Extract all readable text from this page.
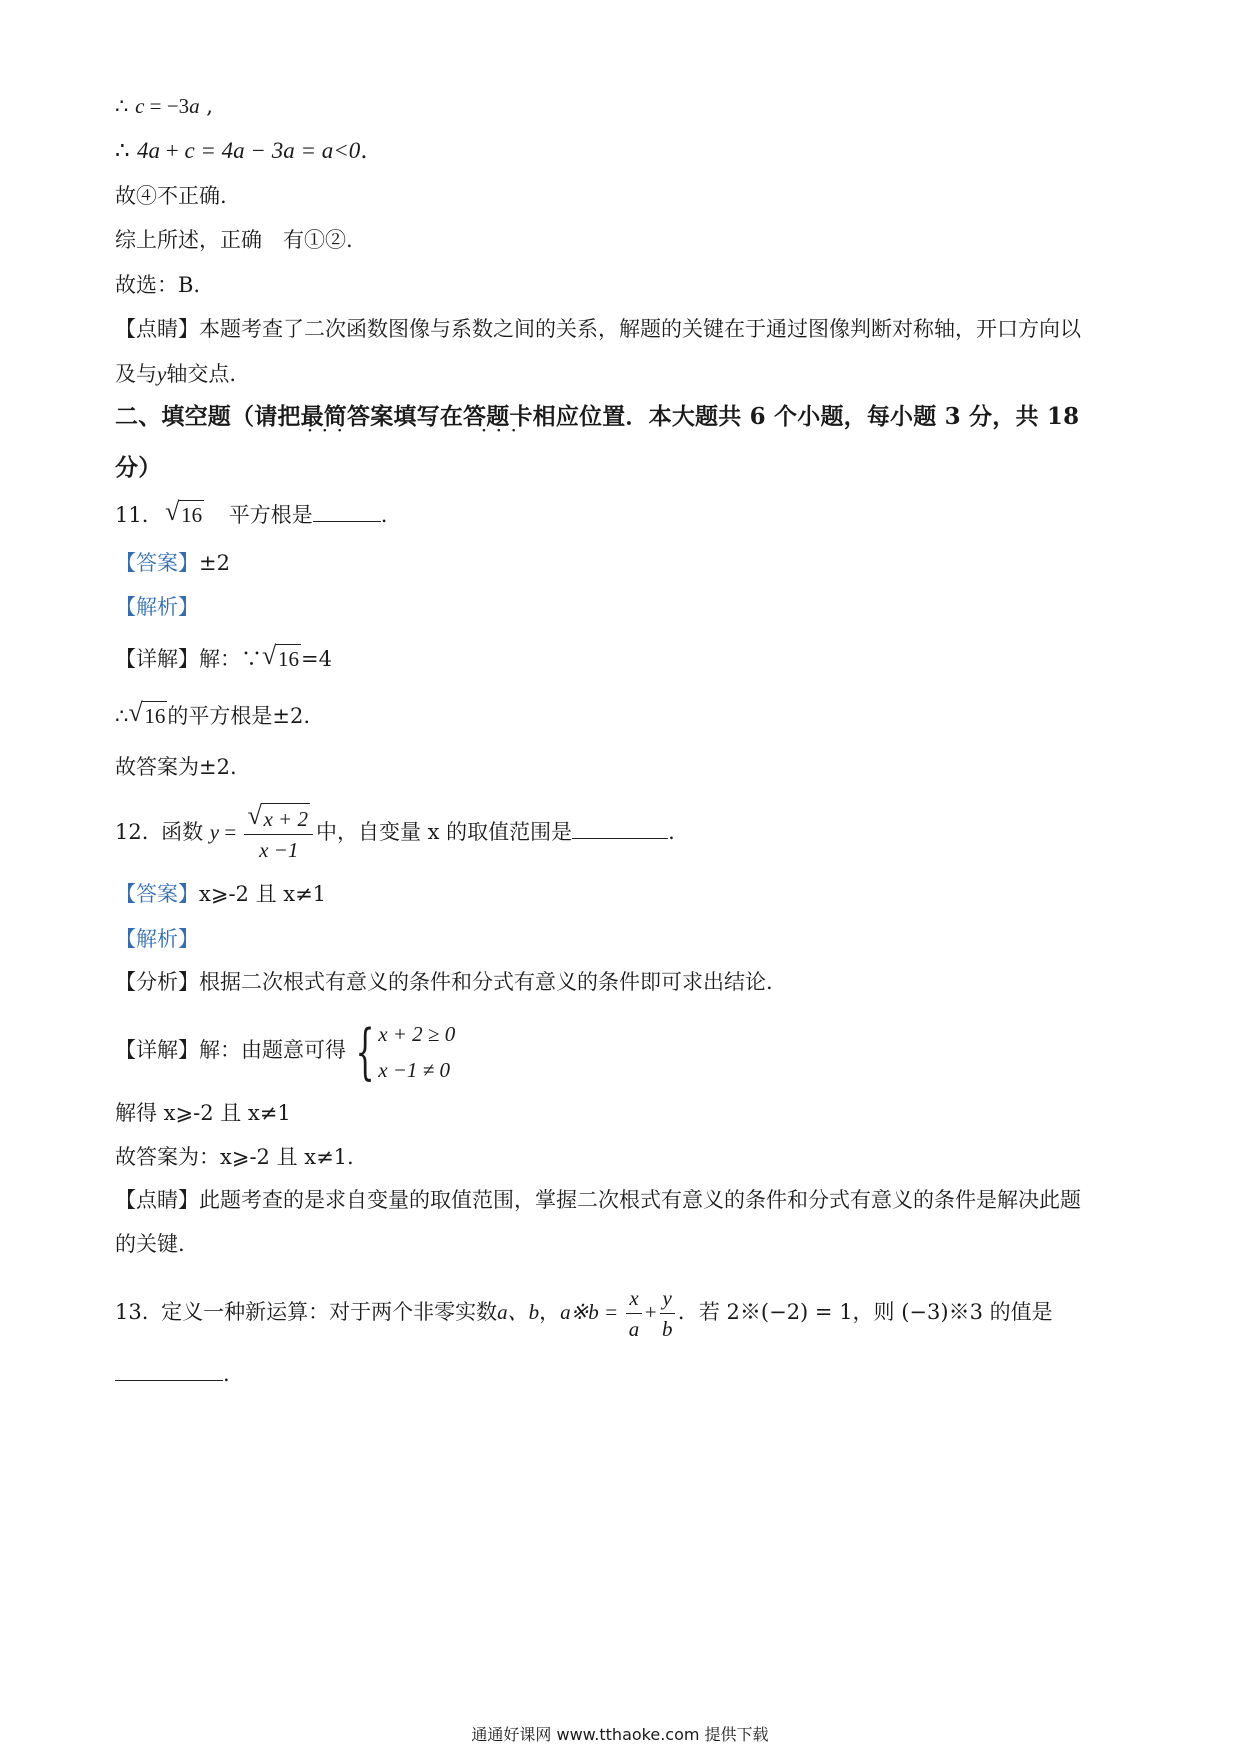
∴ c = −3a ,
∴ 4a + c = 4a − 3a = a<0.
故④不正确.
综上所述，正确　有①②.
故选：B.
【点睛】本题考查了二次函数图像与系数之间的关系，解题的关键在于通过图像判断对称轴，开口方向以
及与y轴交点.
二、填空题（请把最简 · · ·答案填写在答题卡 · · ·相应位置．本大题共 6 个小题，每小题 3 分，共 18
分）
11. √ 16 平方根是	.
【答案】±2
【解析】
【详解】解：∵ √ 16=4
∴ √ 16的平方根是±2.
故答案为±2.
12. 函数 $y = \frac{√ x + 2}{x -1}$ 中，自变量 x 的取值范围是	.
【答案】x⩾-2 且 x≠1
【解析】
【分析】根据二次根式有意义的条件和分式有意义的条件即可求出结论.
【详解】解：由题意可得 { x + 2 ≥ 0
x −1 ≠ 0
解得 x⩾-2 且 x≠1
故答案为：x⩾-2 且 x≠1.
【点睛】此题考查的是求自变量的取值范围，掌握二次根式有意义的条件和分式有意义的条件是解决此题
的关键.
13. 定义一种新运算：对于两个非零实数a、b，a※b = $\frac{x}{a} + \frac{y}{b}$ ．若 2※(−2) = 1，则 (−3)※3 的值是
.
通通好课网 www.tthaoke.com 提供下载
